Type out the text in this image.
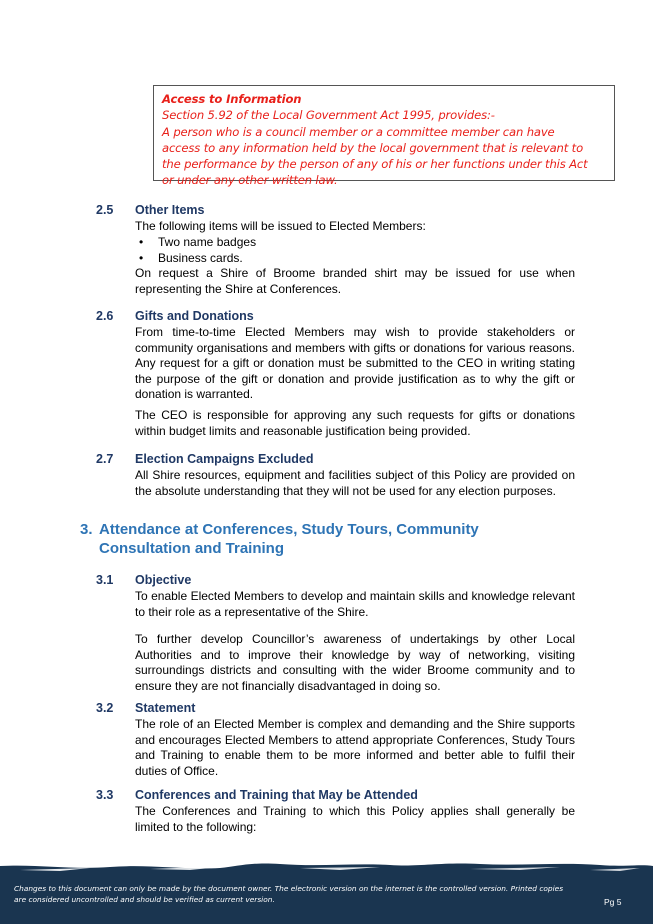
Access to Information
Section 5.92 of the Local Government Act 1995, provides:-
A person who is a council member or a committee member can have
access to any information held by the local government that is relevant to
the performance by the person of any of his or her functions under this Act
or under any other written law.
2.5 Other Items
The following items will be issued to Elected Members:
• Two name badges
• Business cards.
On request a Shire of Broome branded shirt may be issued for use when representing the Shire at Conferences.
2.6 Gifts and Donations
From time-to-time Elected Members may wish to provide stakeholders or community organisations and members with gifts or donations for various reasons. Any request for a gift or donation must be submitted to the CEO in writing stating the purpose of the gift or donation and provide justification as to why the gift or donation is warranted.
The CEO is responsible for approving any such requests for gifts or donations within budget limits and reasonable justification being provided.
2.7 Election Campaigns Excluded
All Shire resources, equipment and facilities subject of this Policy are provided on the absolute understanding that they will not be used for any election purposes.
3. Attendance at Conferences, Study Tours, Community Consultation and Training
3.1 Objective
To enable Elected Members to develop and maintain skills and knowledge relevant to their role as a representative of the Shire.
To further develop Councillor’s awareness of undertakings by other Local Authorities and to improve their knowledge by way of networking, visiting surroundings districts and consulting with the wider Broome community and to ensure they are not financially disadvantaged in doing so.
3.2 Statement
The role of an Elected Member is complex and demanding and the Shire supports and encourages Elected Members to attend appropriate Conferences, Study Tours and Training to enable them to be more informed and better able to fulfil their duties of Office.
3.3 Conferences and Training that May be Attended
The Conferences and Training to which this Policy applies shall generally be limited to the following:
Changes to this document can only be made by the document owner. The electronic version on the internet is the controlled version. Printed copies
are considered uncontrolled and should be verified as current version.	Pg 5
